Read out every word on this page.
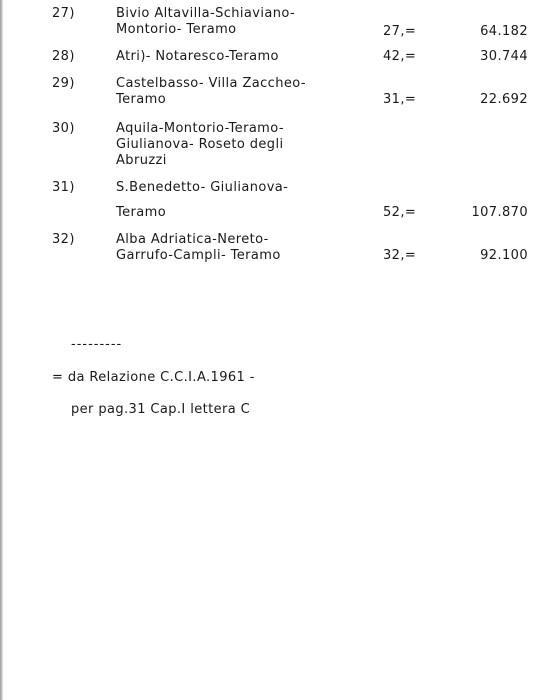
27)	Bivio Altavilla-Schiaviano-
Montorio- Teramo	27,=	64.182
28)	Atri)- Notaresco-Teramo	42,=	30.744
29)	Castelbasso- Villa Zaccheo-
Teramo	31,=	22.692
30)	Aquila-Montorio-Teramo-
Giulianova- Roseto degli
Abruzzi
31)	S.Benedetto- Giulianova-
Teramo	52,=	107.870
32)	Alba Adriatica-Nereto-
Garrufo-Campli- Teramo	32,=	92.100
---------
= da Relazione C.C.I.A.1961 -
per pag.31 Cap.I lettera C
